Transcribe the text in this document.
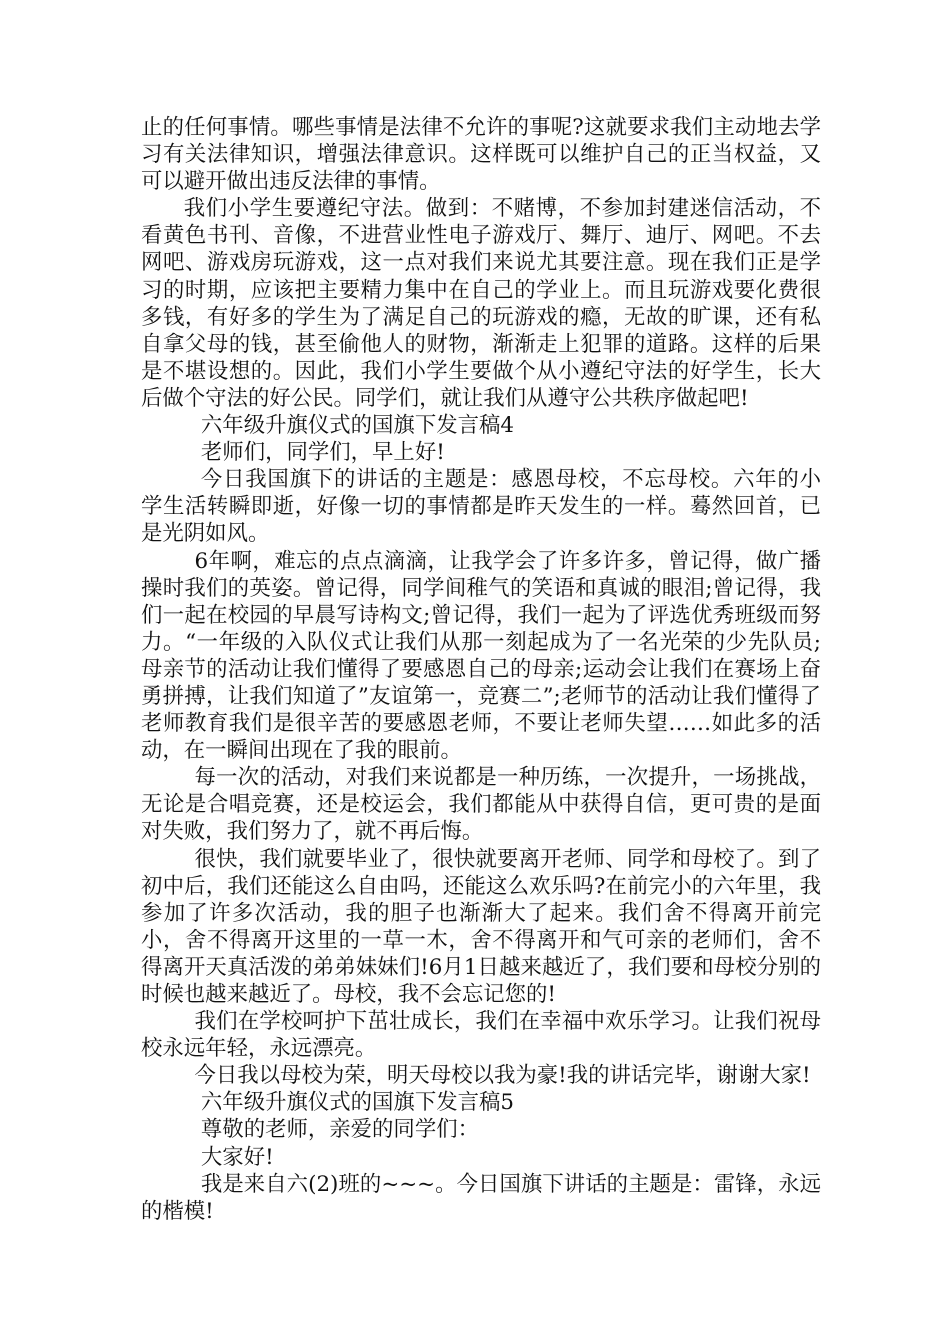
止的任何事情。哪些事情是法律不允许的事呢?这就要求我们主动地去学习有关法律知识，增强法律意识。这样既可以维护自己的正当权益，又可以避开做出违反法律的事情。

我们小学生要遵纪守法。做到：不赌博，不参加封建迷信活动，不看黄色书刊、音像，不进营业性电子游戏厅、舞厅、迪厅、网吧。不去网吧、游戏房玩游戏，这一点对我们来说尤其要注意。现在我们正是学习的时期，应该把主要精力集中在自己的学业上。而且玩游戏要化费很多钱，有好多的学生为了满足自己的玩游戏的瘾，无故的旷课，还有私自拿父母的钱，甚至偷他人的财物，渐渐走上犯罪的道路。这样的后果是不堪设想的。因此，我们小学生要做个从小遵纪守法的好学生，长大后做个守法的好公民。同学们，就让我们从遵守公共秩序做起吧!

六年级升旗仪式的国旗下发言稿4

老师们，同学们，早上好!

今日我国旗下的讲话的主题是：感恩母校，不忘母校。六年的小学生活转瞬即逝，好像一切的事情都是昨天发生的一样。蓦然回首，已是光阴如风。

6年啊，难忘的点点滴滴，让我学会了许多许多，曾记得，做广播操时我们的英姿。曾记得，同学间稚气的笑语和真诚的眼泪;曾记得，我们一起在校园的早晨写诗构文;曾记得，我们一起为了评选优秀班级而努力。“一年级的入队仪式让我们从那一刻起成为了一名光荣的少先队员;母亲节的活动让我们懂得了要感恩自己的母亲;运动会让我们在赛场上奋勇拼搏，让我们知道了”友谊第一，竞赛二”;老师节的活动让我们懂得了老师教育我们是很辛苦的要感恩老师，不要让老师失望……如此多的活动，在一瞬间出现在了我的眼前。

每一次的活动，对我们来说都是一种历练，一次提升，一场挑战，无论是合唱竞赛，还是校运会，我们都能从中获得自信，更可贵的是面对失败，我们努力了，就不再后悔。

很快，我们就要毕业了，很快就要离开老师、同学和母校了。到了初中后，我们还能这么自由吗，还能这么欢乐吗?在前完小的六年里，我参加了许多次活动，我的胆子也渐渐大了起来。我们舍不得离开前完小，舍不得离开这里的一草一木，舍不得离开和气可亲的老师们，舍不得离开天真活泼的弟弟妹妹们!6月1日越来越近了，我们要和母校分别的时候也越来越近了。母校，我不会忘记您的!

我们在学校呵护下茁壮成长，我们在幸福中欢乐学习。让我们祝母校永远年轻，永远漂亮。

今日我以母校为荣，明天母校以我为豪!我的讲话完毕，谢谢大家!

六年级升旗仪式的国旗下发言稿5

尊敬的老师，亲爱的同学们：

大家好!

我是来自六(2)班的~~~。今日国旗下讲话的主题是：雷锋，永远的楷模!
